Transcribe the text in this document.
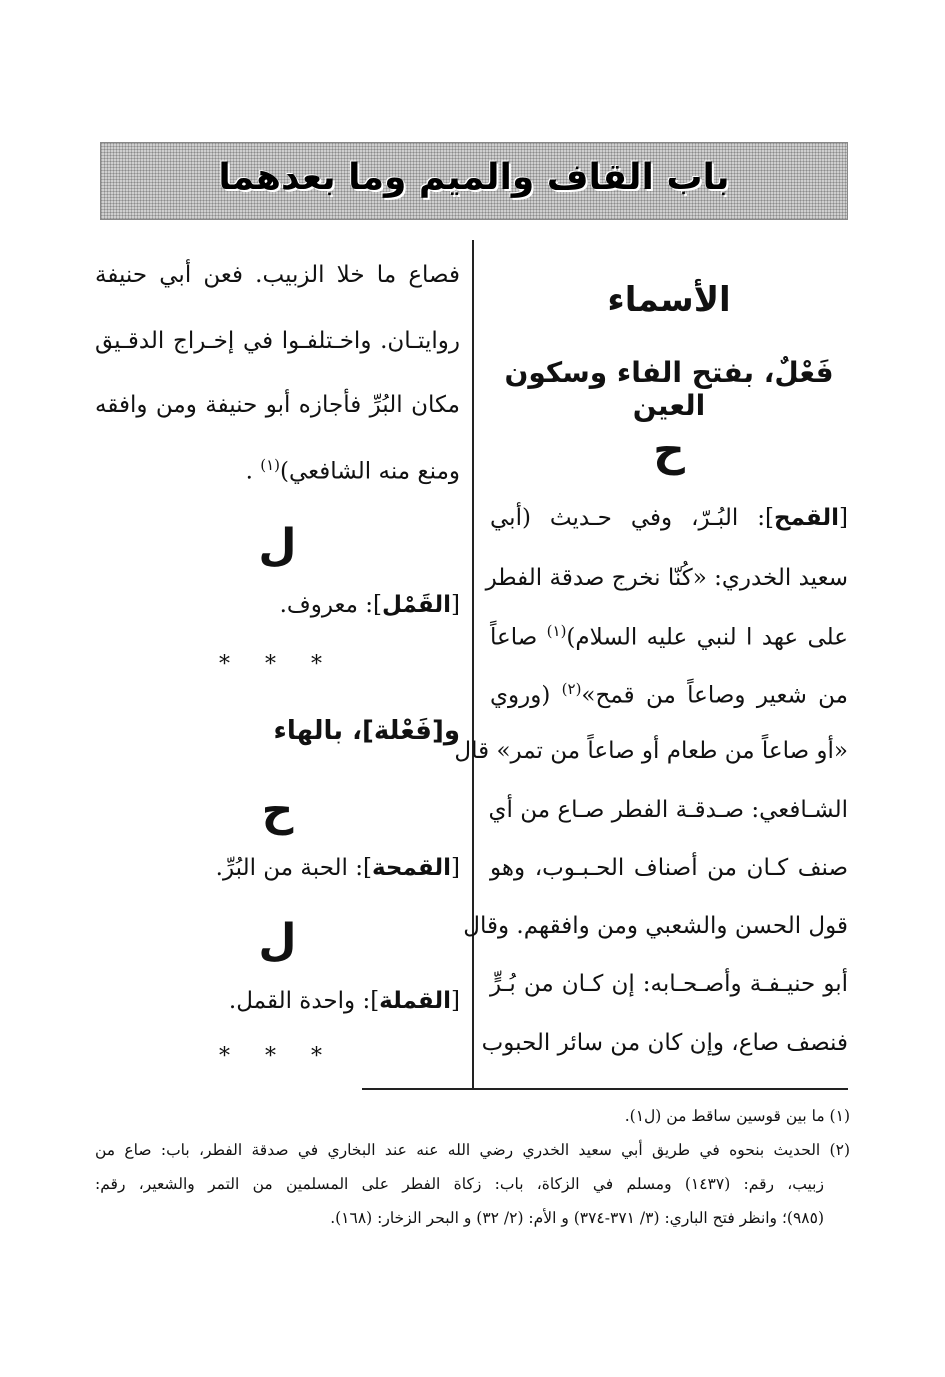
باب القاف والميم وما بعدهما
الأسماء
فَعْلٌ، بفتح الفاء وسكون العين
ح
[القمح]: البُـرّ، وفي حـديث (أبي
سعيد الخدري: «كُنّا نخرج صدقة الفطر
على عهد ا لنبي عليه السلام)$^{(١)}$ صاعاً
من شعير وصاعاً من قمح»$^{(٢)}$ (وروي
«أو صاعاً من طعام أو صاعاً من تمر» قال
الشـافعي: صـدقـة الفطر صـاع من أي
صنف كـان من أصناف الحـبـوب، وهو
قول الحسن والشعبي ومن وافقهم. وقال
أبو حنيـفـة وأصـحـابه: إن كـان من بُـرٍّ
فنصف صاع، وإن كان من سائر الحبوب
فصاع ما خلا الزبيب. فعن أبي حنيفة
روايتـان. واخـتلفـوا في إخـراج الدقـيق
مكان البُرِّ فأجازه أبو حنيفة ومن وافقه
ومنع منه الشافعي)$^{(١)}$ .
ل
[القَمْل]: معروف.
* * *
و[فَعْلة]، بالهاء
ح
[القمحة]: الحبة من البُرِّ.
ل
[القملة]: واحدة القمل.
* * *
(١) ما بين قوسين ساقط من (ل١).
(٢) الحديث بنحوه في طريق أبي سعيد الخدري رضي الله عنه عند البخاري في صدقة الفطر، باب: صاع من
زبيب، رقم: (١٤٣٧) ومسلم في الزكاة، باب: زكاة الفطر على المسلمين من التمر والشعير، رقم:
(٩٨٥)؛ وانظر فتح الباري: (٣/ ٣٧١-٣٧٤) و الأم: (٢/ ٣٢) و البحر الزخار: (١٦٨).
